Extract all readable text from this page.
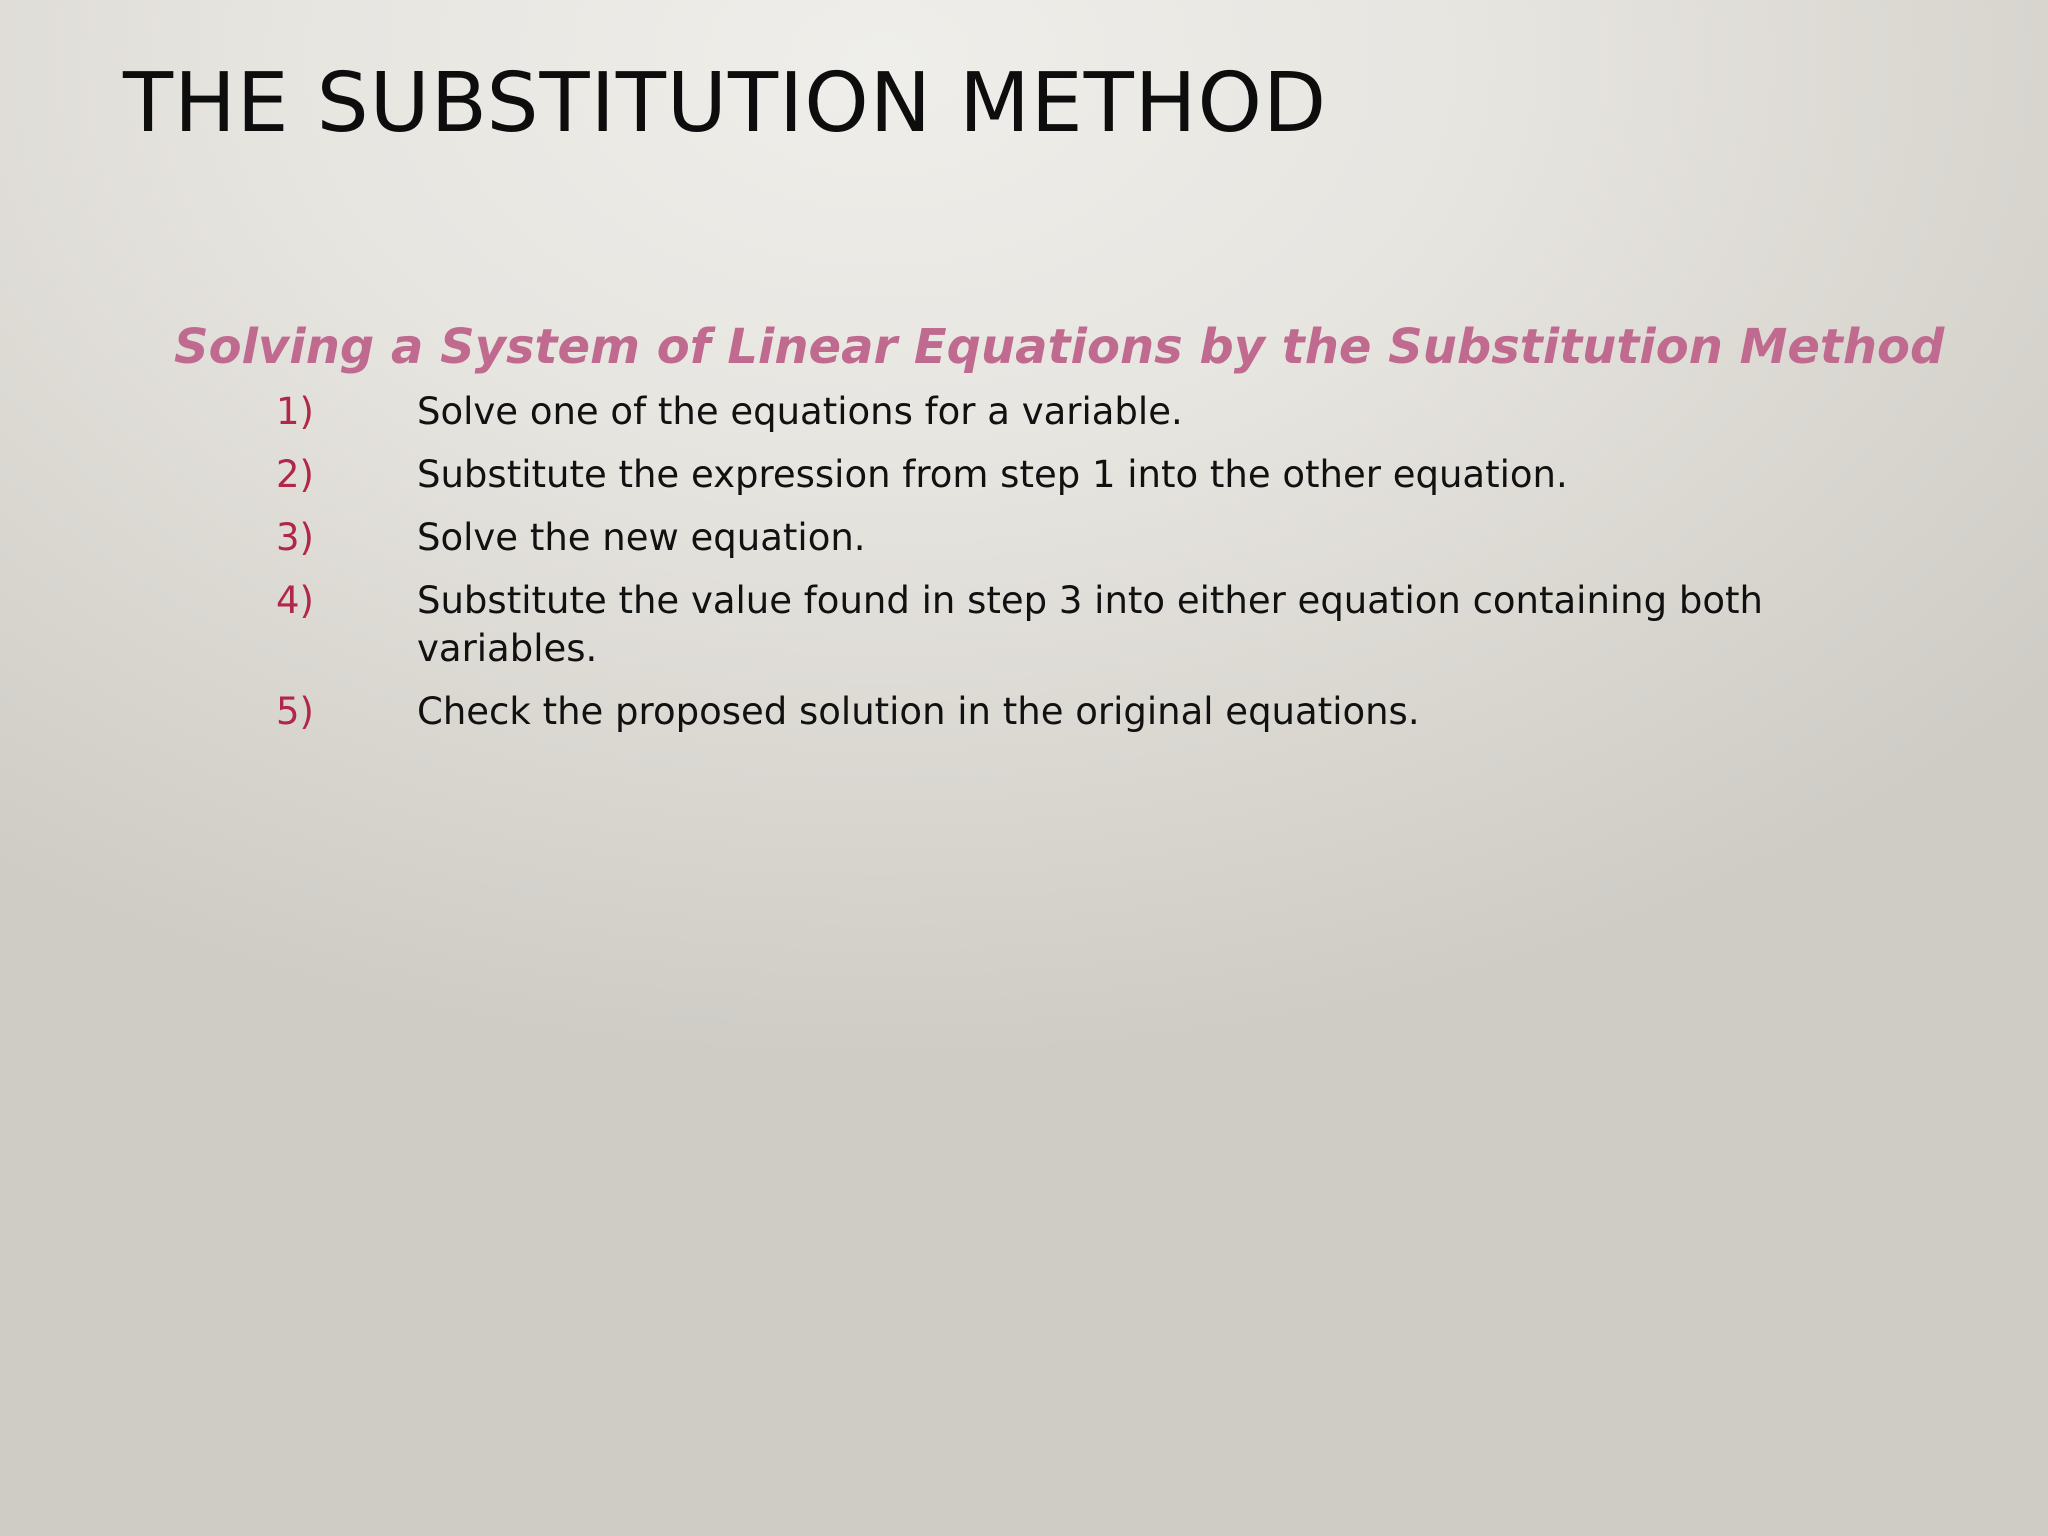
THE SUBSTITUTION METHOD
Solving a System of Linear Equations by the Substitution Method
1)	Solve one of the equations for a variable.
2)	Substitute the expression from step 1 into the other equation.
3)	Solve the new equation.
4)	Substitute the value found in step 3 into either equation containing both variables.
5)	Check the proposed solution in the original equations.
